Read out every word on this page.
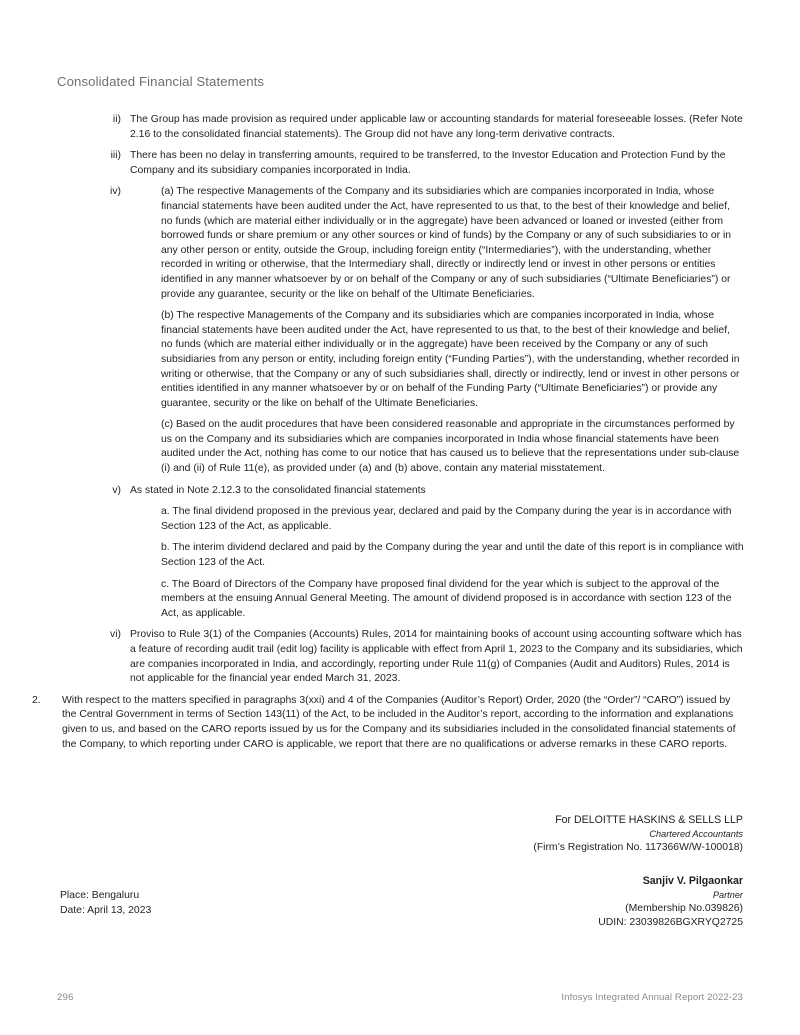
Consolidated Financial Statements
ii) The Group has made provision as required under applicable law or accounting standards for material foreseeable losses. (Refer Note 2.16 to the consolidated financial statements). The Group did not have any long-term derivative contracts.

iii) There has been no delay in transferring amounts, required to be transferred, to the Investor Education and Protection Fund by the Company and its subsidiary companies incorporated in India.

iv)	(a) The respective Managements of the Company and its subsidiaries which are companies incorporated in India, whose financial statements have been audited under the Act, have represented to us that, to the best of their knowledge and belief, no funds (which are material either individually or in the aggregate) have been advanced or loaned or invested (either from borrowed funds or share premium or any other sources or kind of funds) by the Company or any of such subsidiaries to or in any other person or entity, outside the Group, including foreign entity (“Intermediaries”), with the understanding, whether recorded in writing or otherwise, that the Intermediary shall, directly or indirectly lend or invest in other persons or entities identified in any manner whatsoever by or on behalf of the Company or any of such subsidiaries (“Ultimate Beneficiaries”) or provide any guarantee, security or the like on behalf of the Ultimate Beneficiaries.

(b) The respective Managements of the Company and its subsidiaries which are companies incorporated in India, whose financial statements have been audited under the Act, have represented to us that, to the best of their knowledge and belief, no funds (which are material either individually or in the aggregate) have been received by the Company or any of such subsidiaries from any person or entity, including foreign entity (“Funding Parties”), with the understanding, whether recorded in writing or otherwise, that the Company or any of such subsidiaries shall, directly or indirectly, lend or invest in other persons or entities identified in any manner whatsoever by or on behalf of the Funding Party (“Ultimate Beneficiaries”) or provide any guarantee, security or the like on behalf of the Ultimate Beneficiaries.

(c) Based on the audit procedures that have been considered reasonable and appropriate in the circumstances performed by us on the Company and its subsidiaries which are companies incorporated in India whose financial statements have been audited under the Act, nothing has come to our notice that has caused us to believe that the representations under sub-clause (i) and (ii) of Rule 11(e), as provided under (a) and (b) above, contain any material misstatement.

v) As stated in Note 2.12.3 to the consolidated financial statements

a. The final dividend proposed in the previous year, declared and paid by the Company during the year is in accordance with Section 123 of the Act, as applicable.

b. The interim dividend declared and paid by the Company during the year and until the date of this report is in compliance with Section 123 of the Act.

c. The Board of Directors of the Company have proposed final dividend for the year which is subject to the approval of the members at the ensuing Annual General Meeting. The amount of dividend proposed is in accordance with section 123 of the Act, as applicable.

vi) Proviso to Rule 3(1) of the Companies (Accounts) Rules, 2014 for maintaining books of account using accounting software which has a feature of recording audit trail (edit log) facility is applicable with effect from April 1, 2023 to the Company and its subsidiaries, which are companies incorporated in India, and accordingly, reporting under Rule 11(g) of Companies (Audit and Auditors) Rules, 2014 is not applicable for the financial year ended March 31, 2023.

2.	With respect to the matters specified in paragraphs 3(xxi) and 4 of the Companies (Auditor’s Report) Order, 2020 (the “Order”/ “CARO”) issued by the Central Government in terms of Section 143(11) of the Act, to be included in the Auditor’s report, according to the information and explanations given to us, and based on the CARO reports issued by us for the Company and its subsidiaries included in the consolidated financial statements of the Company, to which reporting under CARO is applicable, we report that there are no qualifications or adverse remarks in these CARO reports.

For DELOITTE HASKINS & SELLS LLP
Chartered Accountants
(Firm’s Registration No. 117366W/W-100018)
Sanjiv V. Pilgaonkar
Partner
(Membership No.039826)
UDIN: 23039826BGXRYQ2725
Place: Bengaluru
Date: April 13, 2023
296	Infosys Integrated Annual Report 2022-23
